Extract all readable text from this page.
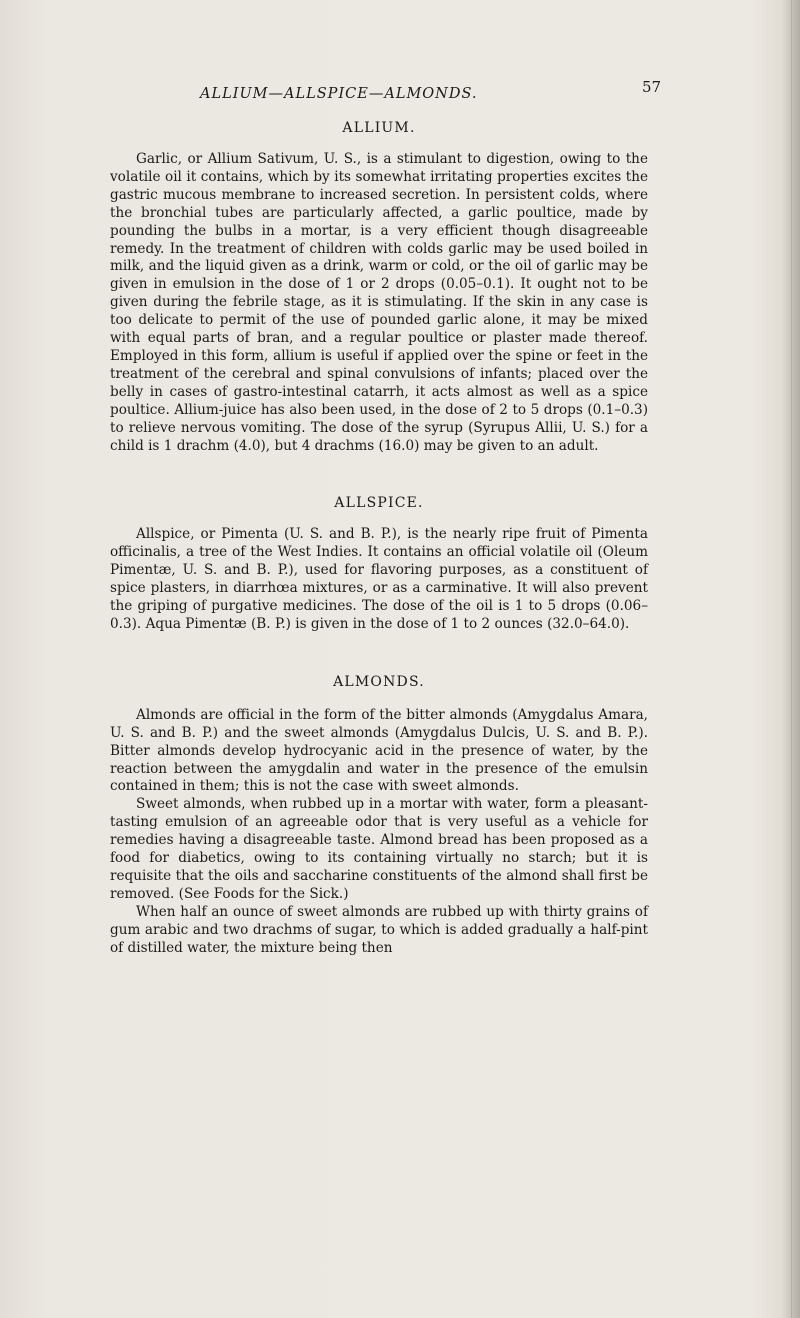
ALLIUM—ALLSPICE—ALMONDS.	57
ALLIUM.

Garlic, or Allium Sativum, U. S., is a stimulant to digestion, owing to the volatile oil it contains, which by its somewhat irritating properties excites the gastric mucous membrane to increased secretion. In persistent colds, where the bronchial tubes are particularly affected, a garlic poultice, made by pounding the bulbs in a mortar, is a very efficient though disagreeable remedy. In the treatment of children with colds garlic may be used boiled in milk, and the liquid given as a drink, warm or cold, or the oil of garlic may be given in emulsion in the dose of 1 or 2 drops (0.05–0.1). It ought not to be given during the febrile stage, as it is stimulating. If the skin in any case is too delicate to permit of the use of pounded garlic alone, it may be mixed with equal parts of bran, and a regular poultice or plaster made thereof. Employed in this form, allium is useful if applied over the spine or feet in the treatment of the cerebral and spinal convulsions of infants; placed over the belly in cases of gastro-intestinal catarrh, it acts almost as well as a spice poultice. Allium-juice has also been used, in the dose of 2 to 5 drops (0.1–0.3) to relieve nervous vomiting. The dose of the syrup (Syrupus Allii, U. S.) for a child is 1 drachm (4.0), but 4 drachms (16.0) may be given to an adult.

ALLSPICE.

Allspice, or Pimenta (U. S. and B. P.), is the nearly ripe fruit of Pimenta officinalis, a tree of the West Indies. It contains an official volatile oil (Oleum Pimentæ, U. S. and B. P.), used for flavoring purposes, as a constituent of spice plasters, in diarrhœa mixtures, or as a carminative. It will also prevent the griping of purgative medicines. The dose of the oil is 1 to 5 drops (0.06–0.3). Aqua Pimentæ (B. P.) is given in the dose of 1 to 2 ounces (32.0–64.0).

ALMONDS.

Almonds are official in the form of the bitter almonds (Amygdalus Amara, U. S. and B. P.) and the sweet almonds (Amygdalus Dulcis, U. S. and B. P.). Bitter almonds develop hydrocyanic acid in the presence of water, by the reaction between the amygdalin and water in the presence of the emulsin contained in them; this is not the case with sweet almonds.

Sweet almonds, when rubbed up in a mortar with water, form a pleasant-tasting emulsion of an agreeable odor that is very useful as a vehicle for remedies having a disagreeable taste. Almond bread has been proposed as a food for diabetics, owing to its containing virtually no starch; but it is requisite that the oils and saccharine constituents of the almond shall first be removed. (See Foods for the Sick.)

When half an ounce of sweet almonds are rubbed up with thirty grains of gum arabic and two drachms of sugar, to which is added gradually a half-pint of distilled water, the mixture being then
